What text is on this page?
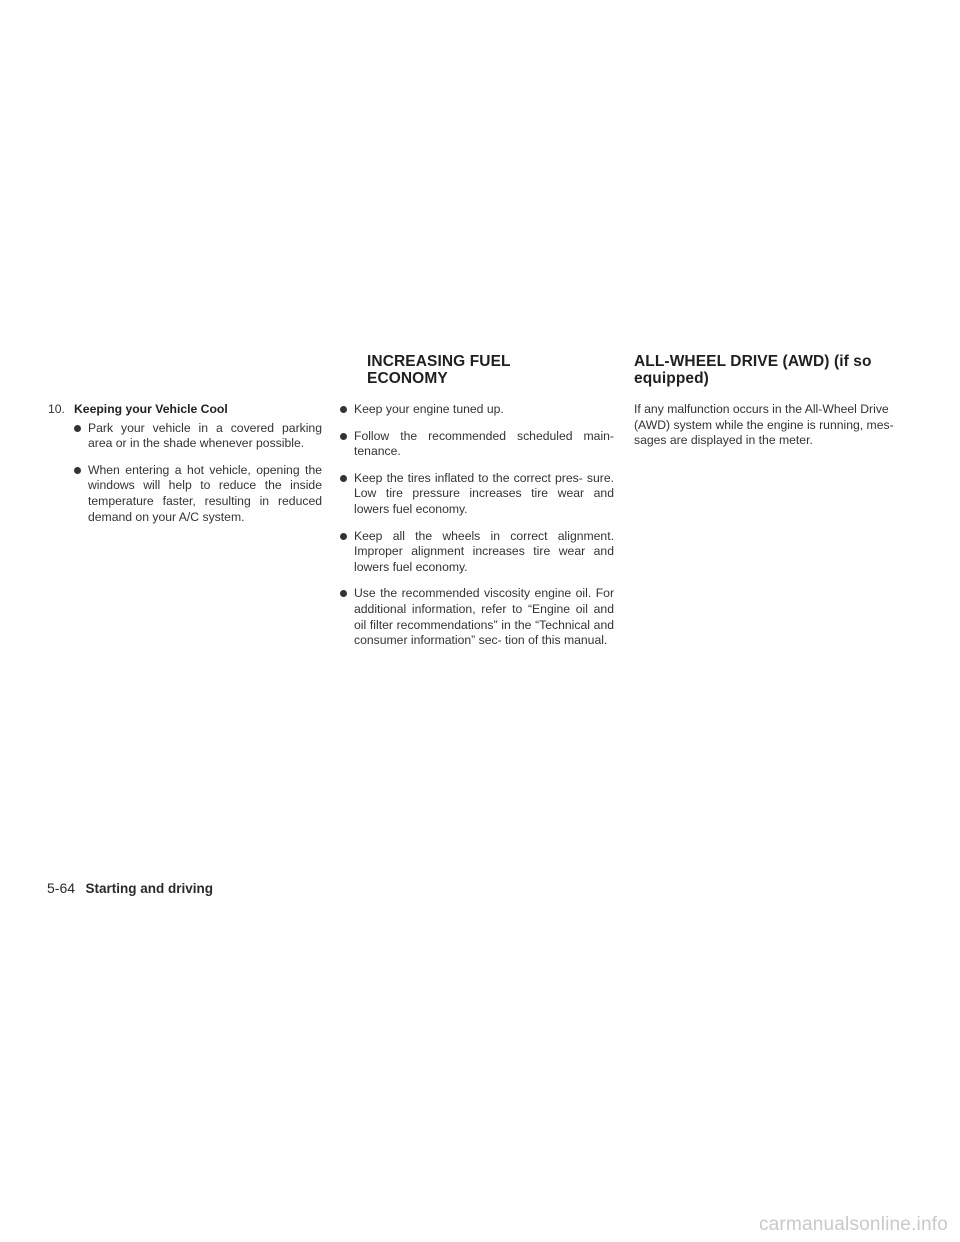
INCREASING FUEL ECONOMY
ALL-WHEEL DRIVE (AWD) (if so equipped)
10. Keeping your Vehicle Cool
Park your vehicle in a covered parking area or in the shade whenever possible.
When entering a hot vehicle, opening the windows will help to reduce the inside temperature faster, resulting in reduced demand on your A/C system.
Keep your engine tuned up.
Follow the recommended scheduled main- tenance.
Keep the tires inflated to the correct pres- sure. Low tire pressure increases tire wear and lowers fuel economy.
Keep all the wheels in correct alignment. Improper alignment increases tire wear and lowers fuel economy.
Use the recommended viscosity engine oil. For additional information, refer to “Engine oil and oil filter recommendations” in the “Technical and consumer information” sec- tion of this manual.

If any malfunction occurs in the All-Wheel Drive (AWD) system while the engine is running, mes- sages are displayed in the meter.

5-64 Starting and driving
carmanualsonline.info
